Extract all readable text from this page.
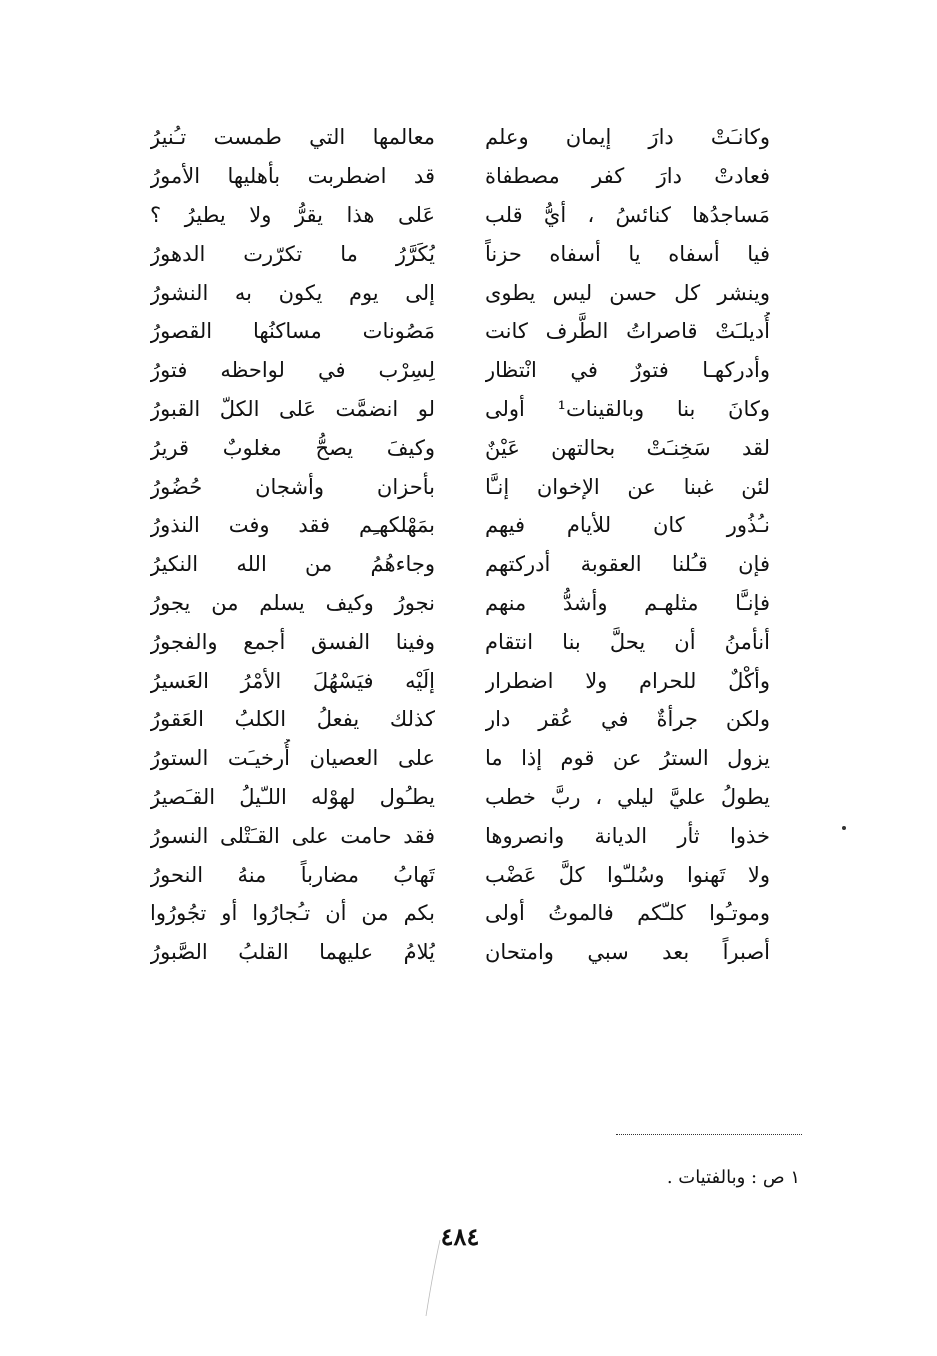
وكانـَتْ دارَ إيمان وعلم
معالمها التي طمست تـُنيرُ
فعادتْ دارَ كفر مصطفاة
قد اضطربت بأهليها الأمورُ
مَساجدُها كنائسُ ، أيُّ قلب
عَلى هذا يقرُّ ولا يطيرُ ؟
فيا أسفاه يا أسفاه حزناً
يُكَرَّرُ ما تكرّرت الدهورُ
وينشر كل حسن ليس يطوى
إلى يوم يكون به النشورُ
أُديلـَتْ قاصراتُ الطَّرف كانت
مَصُونات مساكنُها القصورُ
وأدركهـا فتورٌ في انْتظار
لِسِرْب في لواحظه فتورُ
وكانَ بنا وبالقينات¹ أولى
لو انضمَّت عَلى الكلّ القبورُ
لقد سَخِنـَتْ بحالتهن عَيْنٌ
وكيفَ يصحُّ مغلوبٌ قريرُ
لئن غبنا عن الإخوان إنـَّا
بأحزان وأشجان حُضُورُ
نـُذُور كان للأيام فيهم
بمَهْلكهـِم فقد وفت النذورُ
فإن قـُلنا العقوبة أدركتهم
وجاءهُمُ من الله النكيرُ
فإنـَّا مثلهـم وأشدُّ منهم
نجورُ وكيف يسلم من يجورُ
أنأمنُ أن يحلَّ بنا انتقام
وفينا الفسق أجمع والفجورُ
وأكْلٌ للحرام ولا اضطرار
إلَيْه فيَسْهُلَ الأمْرُ العَسيرُ
ولكن جرأةٌ في عُقر دار
كذلك يفعلُ الكلبُ العَقورُ
يزول السترُ عن قوم إذا ما
على العصيان أُرخيـَت الستورُ
يطولُ عليَّ ليلي ، ربَّ خطب
يطـُول لهوْله اللـّيلُ القـَصيرُ
خذوا ثأر الديانة وانصروها
فقد حامت على القـَتْلى النسورُ
ولا تَهنوا وسُلـّوا كلَّ عَضْب
تَهابُ مضارباً منهُ النحورُ
وموتـُوا كلـّكم فالموتُ أولى
بكم من أن تـُجارُوا أو تجُورُوا
أصبراً بعد سبي وامتحان
يُلامُ عليهما القلبُ الصَّبورُ
١ ص : وبالفتيات .
٤٨٤
